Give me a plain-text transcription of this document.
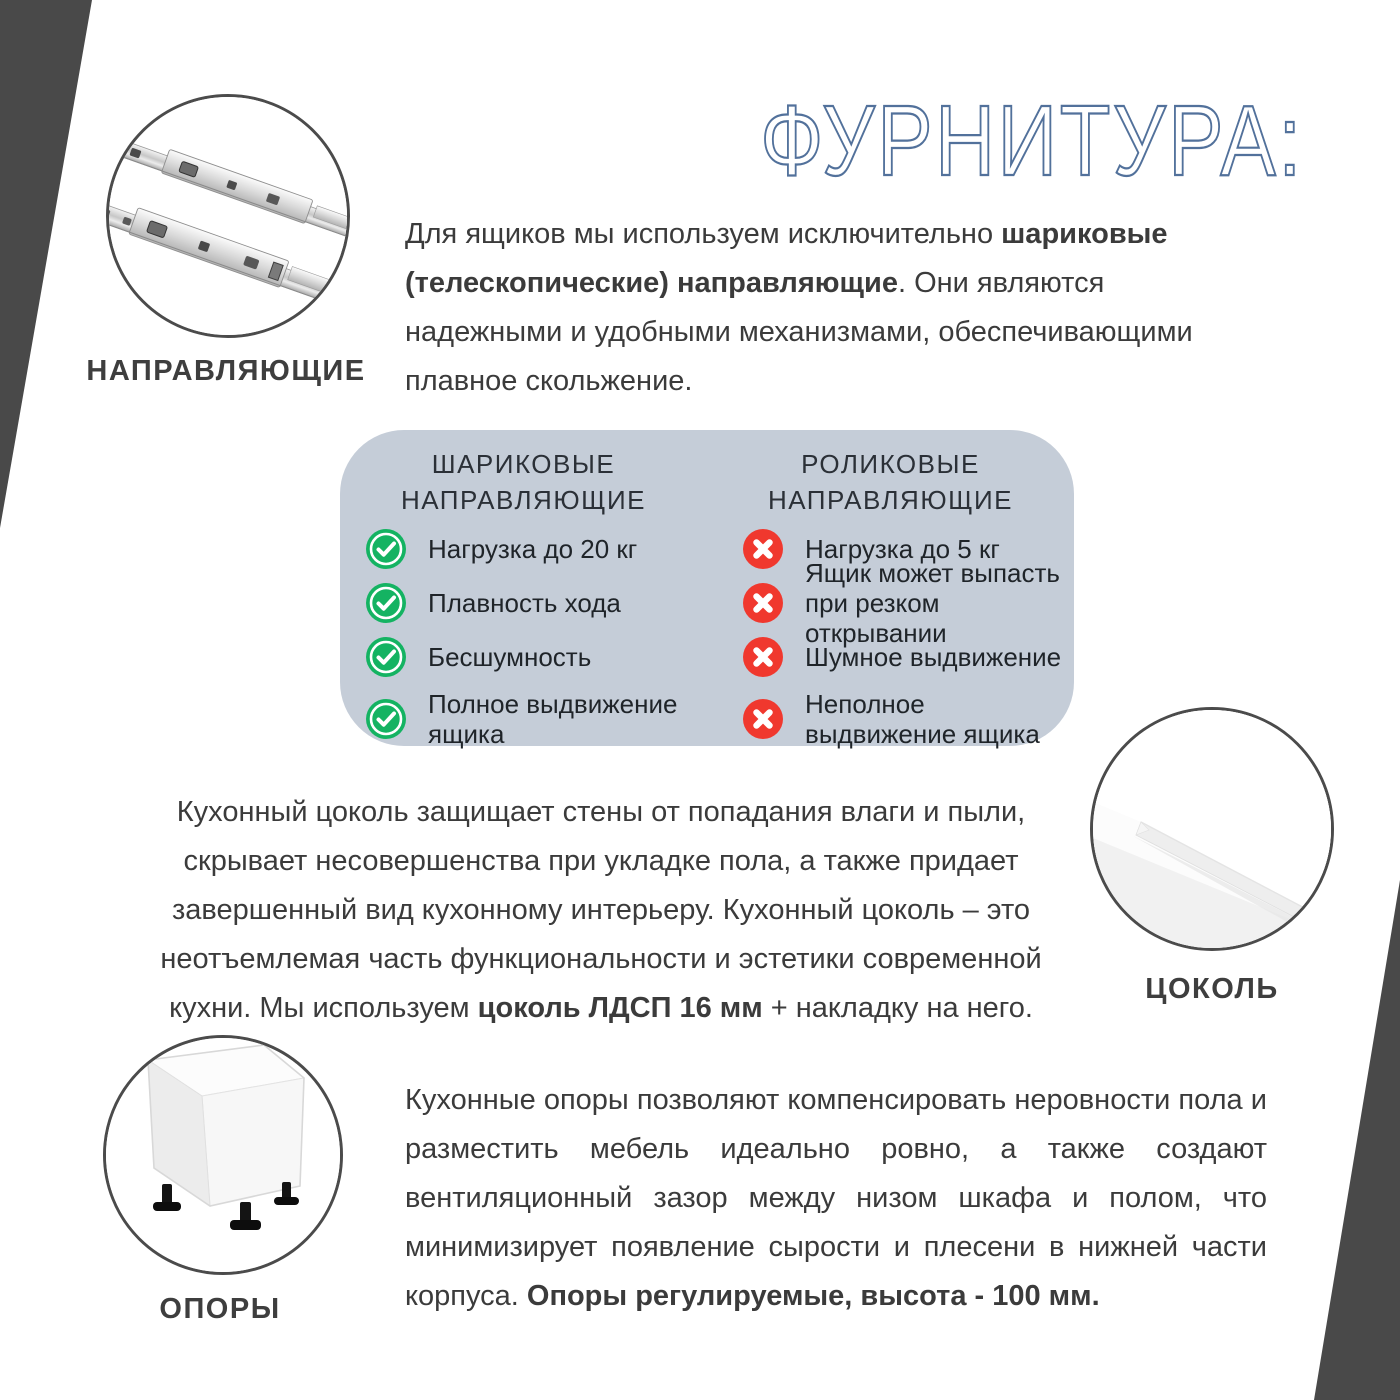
ФУРНИТУРА:
НАПРАВЛЯЮЩИЕ

Для ящиков мы используем исключительно шариковые (телескопические) направляющие. Они являются надежными и удобными механизмами, обеспечивающими плавное скольжение.

ШАРИКОВЫЕ
НАПРАВЛЯЮЩИЕ
Нагрузка до 20 кг
Плавность хода
Бесшумность
Полное выдвижение ящика
РОЛИКОВЫЕ
НАПРАВЛЯЮЩИЕ
Нагрузка до 5 кг
Ящик может выпасть при резком открывании
Шумное выдвижение
Неполное выдвижение ящика

Кухонный цоколь защищает стены от попадания влаги и пыли, скрывает несовершенства при укладке пола, а также придает завершенный вид кухонному интерьеру. Кухонный цоколь – это неотъемлемая часть функциональности и эстетики современной кухни. Мы используем цоколь ЛДСП 16 мм + накладку на него.

ЦОКОЛЬ
ОПОРЫ

Кухонные опоры позволяют компенсировать неровности пола и разместить мебель идеально ровно, а также создают вентиляционный зазор между низом шкафа и полом, что минимизирует появление сырости и плесени в нижней части корпуса. Опоры регулируемые, высота - 100 мм.
